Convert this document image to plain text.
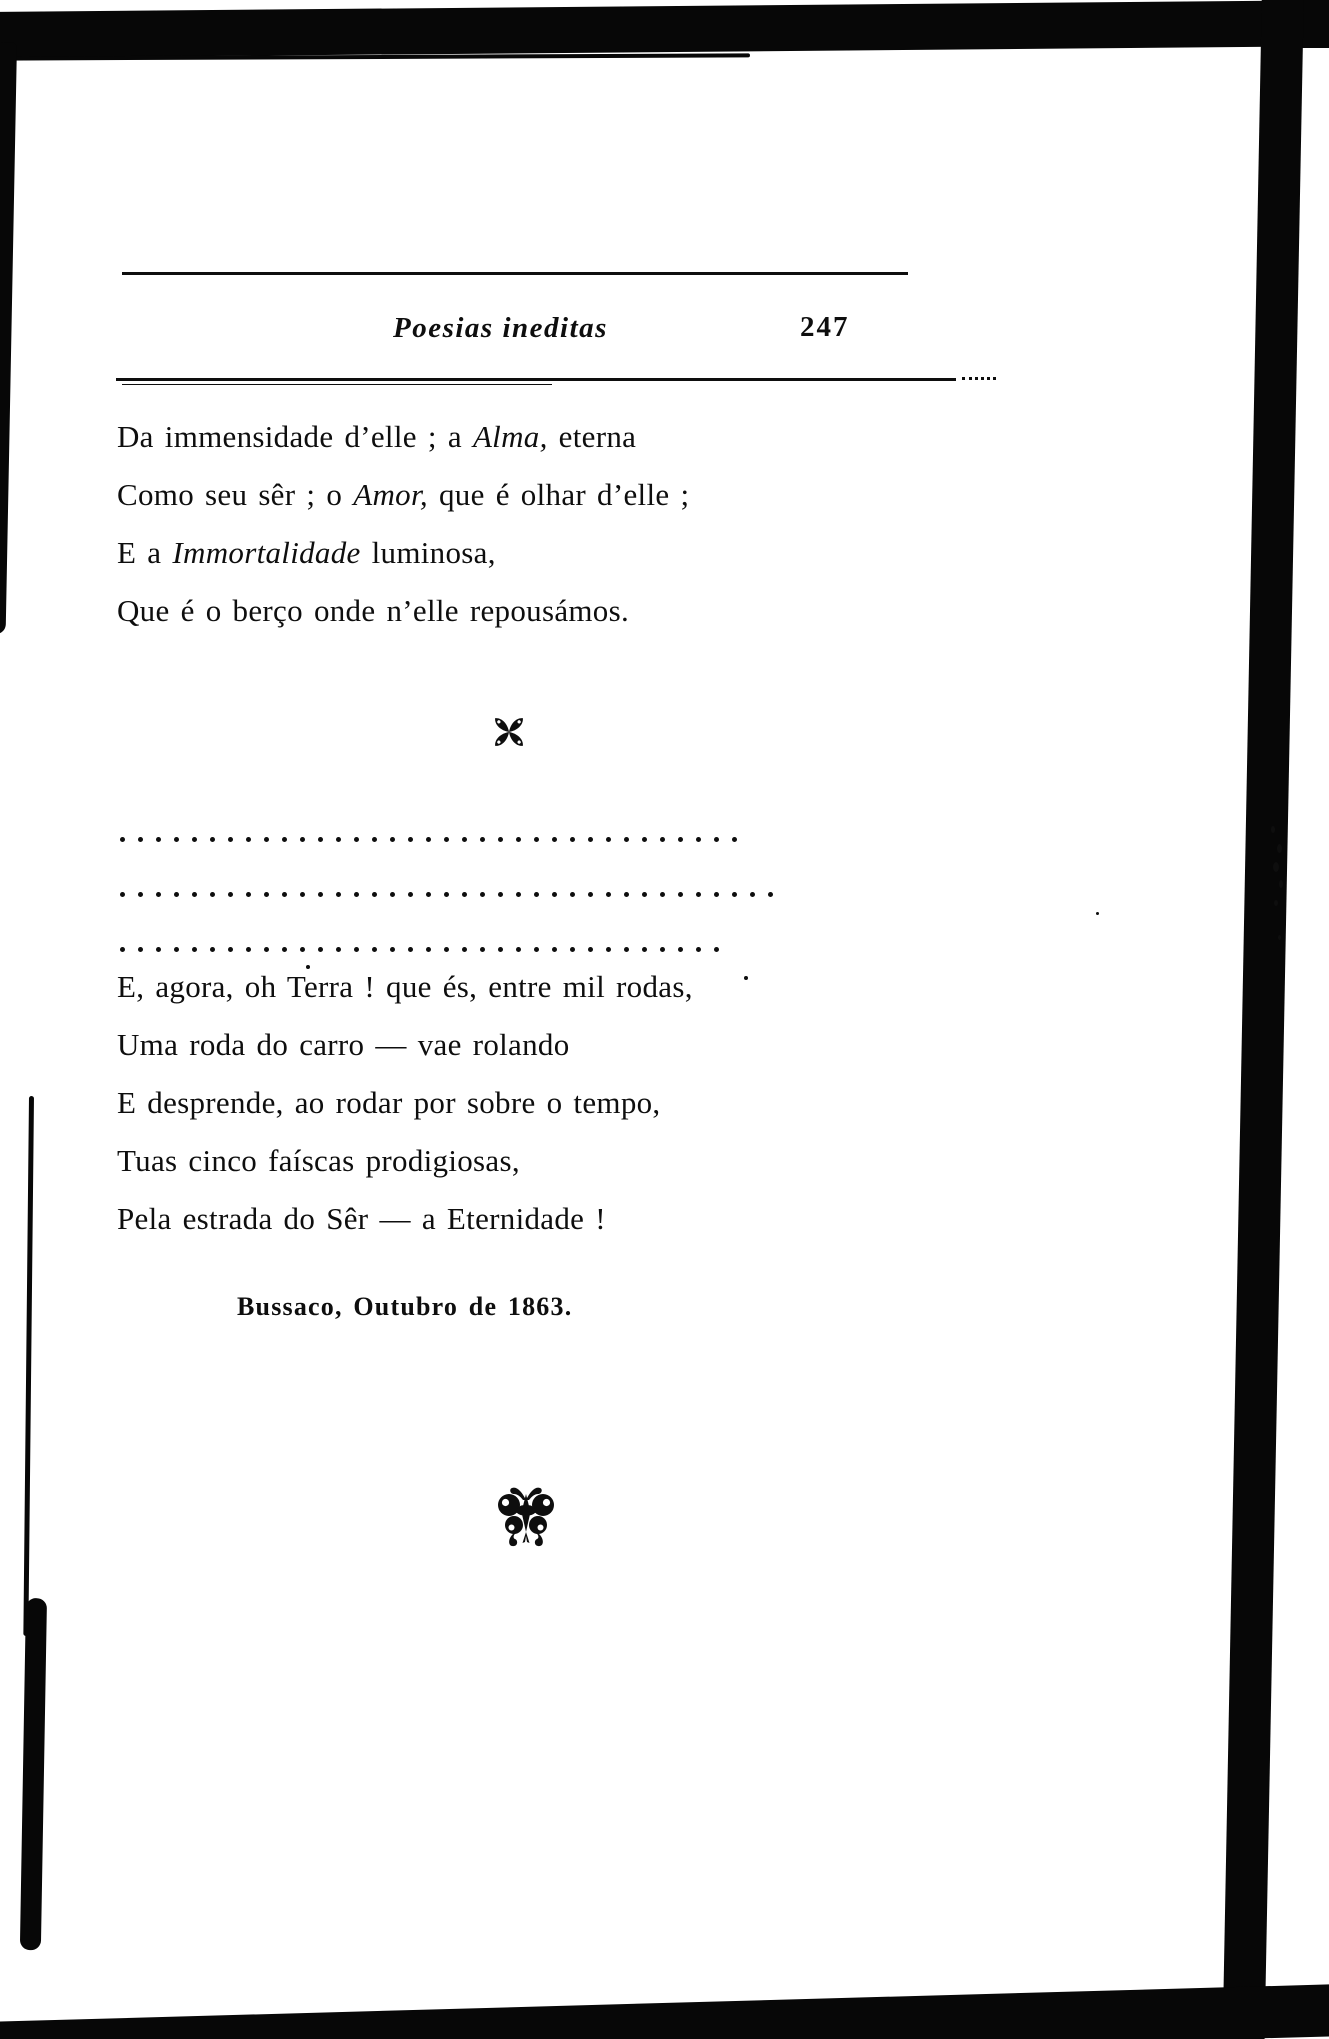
Poesias ineditas	247
Da immensidade d’elle ; a Alma, eterna
Como seu sêr ; o Amor, que é olhar d’elle ;
E a Immortalidade luminosa,
Que é o berço onde n’elle repousámos.
E, agora, oh Terra ! que és, entre mil rodas,
Uma roda do carro — vae rolando
E desprende, ao rodar por sobre o tempo,
Tuas cinco faíscas prodigiosas,
Pela estrada do Sêr — a Eternidade !
Bussaco, Outubro de 1863.
